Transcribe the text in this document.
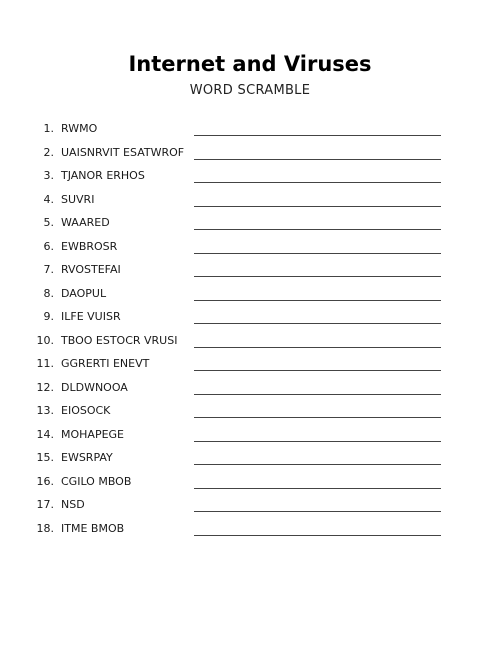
Internet and Viruses
WORD SCRAMBLE
1. RWMO
2. UAISNRVIT ESATWROF
3. TJANOR ERHOS
4. SUVRI
5. WAARED
6. EWBROSR
7. RVOSTEFAI
8. DAOPUL
9. ILFE VUISR
10. TBOO ESTOCR VRUSI
11. GGRERTI ENEVT
12. DLDWNOOA
13. EIOSOCK
14. MOHAPEGE
15. EWSRPAY
16. CGILO MBOB
17. NSD
18. ITME BMOB
